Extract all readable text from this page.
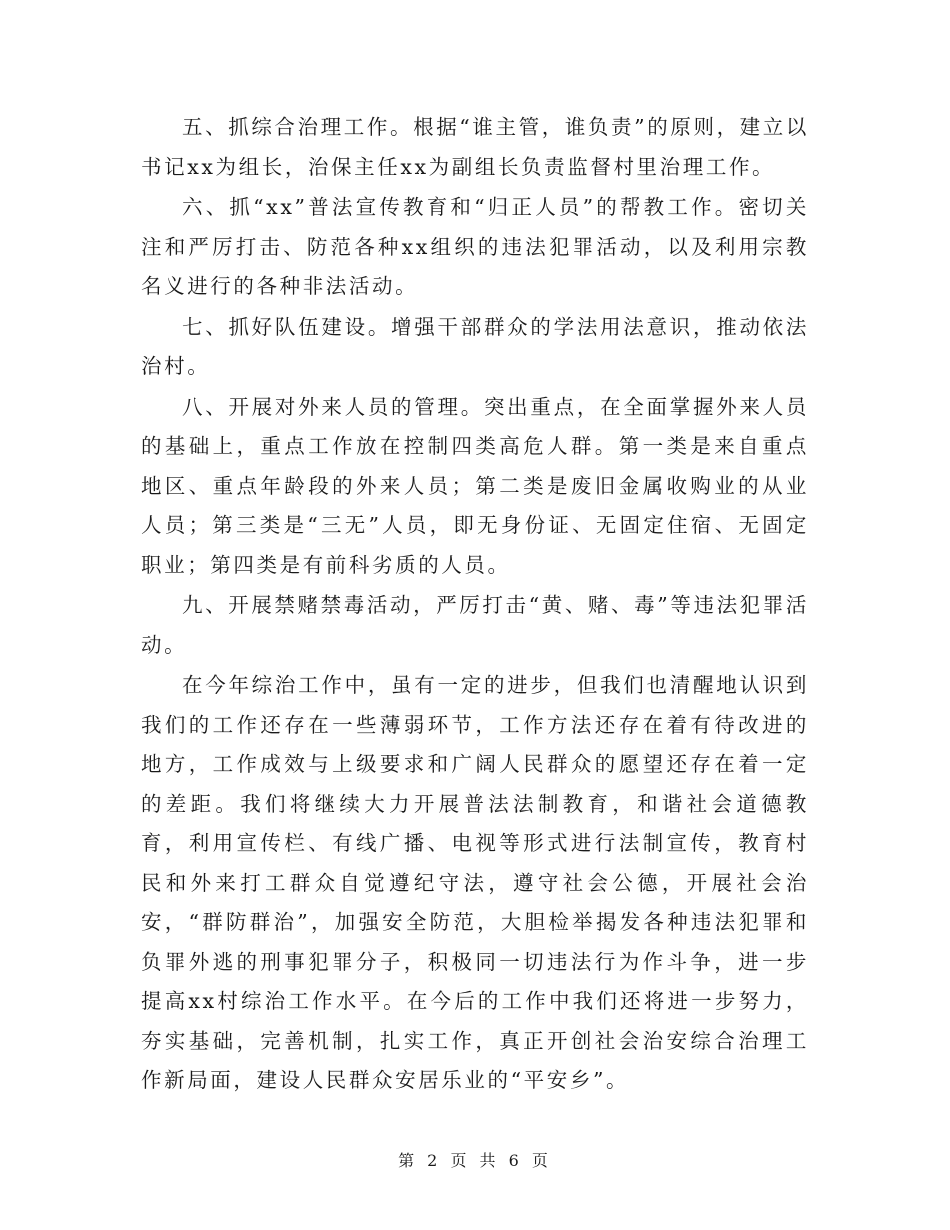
五、抓综合治理工作。根据“谁主管，谁负责”的原则，建立以书记xx为组长，治保主任xx为副组长负责监督村里治理工作。

六、抓“xx”普法宣传教育和“归正人员”的帮教工作。密切关注和严厉打击、防范各种xx组织的违法犯罪活动，以及利用宗教名义进行的各种非法活动。

七、抓好队伍建设。增强干部群众的学法用法意识，推动依法治村。

八、开展对外来人员的管理。突出重点，在全面掌握外来人员的基础上，重点工作放在控制四类高危人群。第一类是来自重点地区、重点年龄段的外来人员；第二类是废旧金属收购业的从业人员；第三类是“三无”人员，即无身份证、无固定住宿、无固定职业；第四类是有前科劣质的人员。

九、开展禁赌禁毒活动，严厉打击“黄、赌、毒”等违法犯罪活动。

在今年综治工作中，虽有一定的进步，但我们也清醒地认识到我们的工作还存在一些薄弱环节，工作方法还存在着有待改进的地方，工作成效与上级要求和广阔人民群众的愿望还存在着一定的差距。我们将继续大力开展普法法制教育，和谐社会道德教育，利用宣传栏、有线广播、电视等形式进行法制宣传，教育村民和外来打工群众自觉遵纪守法，遵守社会公德，开展社会治安，“群防群治”，加强安全防范，大胆检举揭发各种违法犯罪和负罪外逃的刑事犯罪分子，积极同一切违法行为作斗争，进一步提高xx村综治工作水平。在今后的工作中我们还将进一步努力，夯实基础，完善机制，扎实工作，真正开创社会治安综合治理工作新局面，建设人民群众安居乐业的“平安乡”。

第 2 页 共 6 页
